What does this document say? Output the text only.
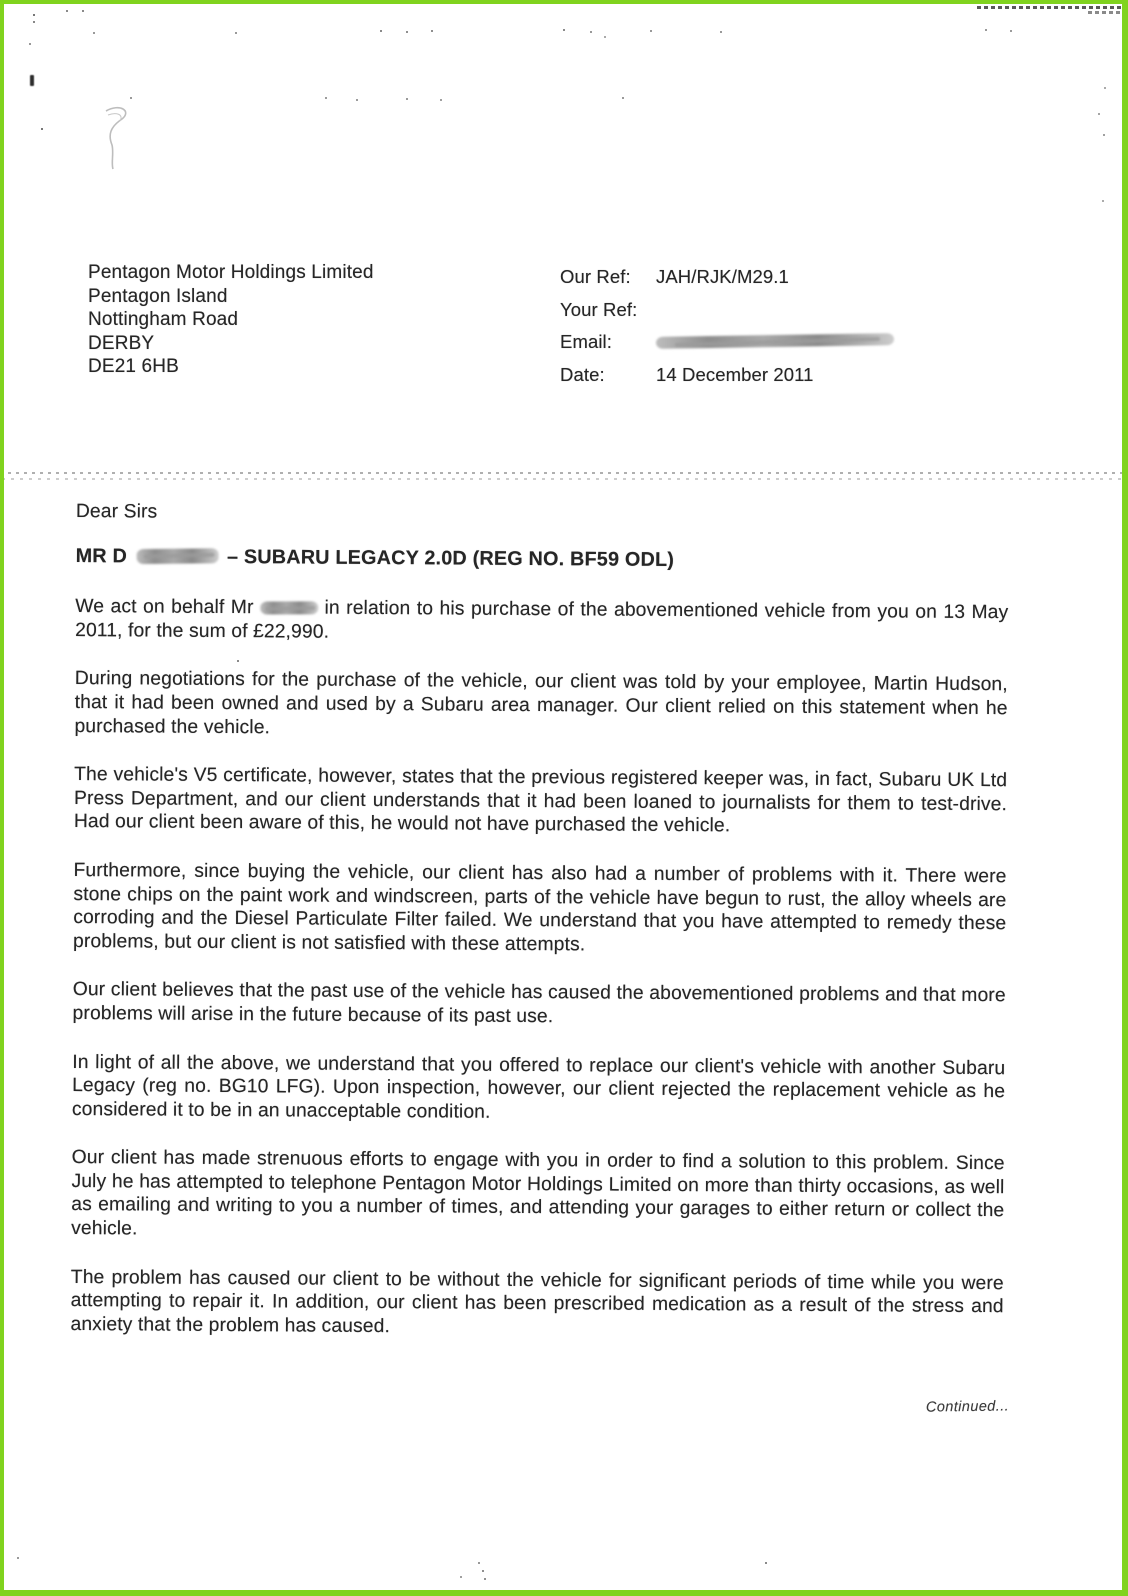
Pentagon Motor Holdings Limited
Pentagon Island
Nottingham Road
DERBY
DE21 6HB
Our Ref:	JAH/RJK/M29.1
Your Ref:
Email:
Date:	14 December 2011

Dear Sirs

MR D	– SUBARU LEGACY 2.0D (REG NO. BF59 ODL)

We act on behalf Mr	in relation to his purchase of the abovementioned vehicle from you on 13 May 2011, for the sum of £22,990.

During negotiations for the purchase of the vehicle, our client was told by your employee, Martin Hudson, that it had been owned and used by a Subaru area manager. Our client relied on this statement when he purchased the vehicle.

The vehicle's V5 certificate, however, states that the previous registered keeper was, in fact, Subaru UK Ltd Press Department, and our client understands that it had been loaned to journalists for them to test-drive. Had our client been aware of this, he would not have purchased the vehicle.

Furthermore, since buying the vehicle, our client has also had a number of problems with it. There were stone chips on the paint work and windscreen, parts of the vehicle have begun to rust, the alloy wheels are corroding and the Diesel Particulate Filter failed. We understand that you have attempted to remedy these problems, but our client is not satisfied with these attempts.

Our client believes that the past use of the vehicle has caused the abovementioned problems and that more problems will arise in the future because of its past use.

In light of all the above, we understand that you offered to replace our client's vehicle with another Subaru Legacy (reg no. BG10 LFG). Upon inspection, however, our client rejected the replacement vehicle as he considered it to be in an unacceptable condition.

Our client has made strenuous efforts to engage with you in order to find a solution to this problem. Since July he has attempted to telephone Pentagon Motor Holdings Limited on more than thirty occasions, as well as emailing and writing to you a number of times, and attending your garages to either return or collect the vehicle.

The problem has caused our client to be without the vehicle for significant periods of time while you were attempting to repair it. In addition, our client has been prescribed medication as a result of the stress and anxiety that the problem has caused.

Continued...
